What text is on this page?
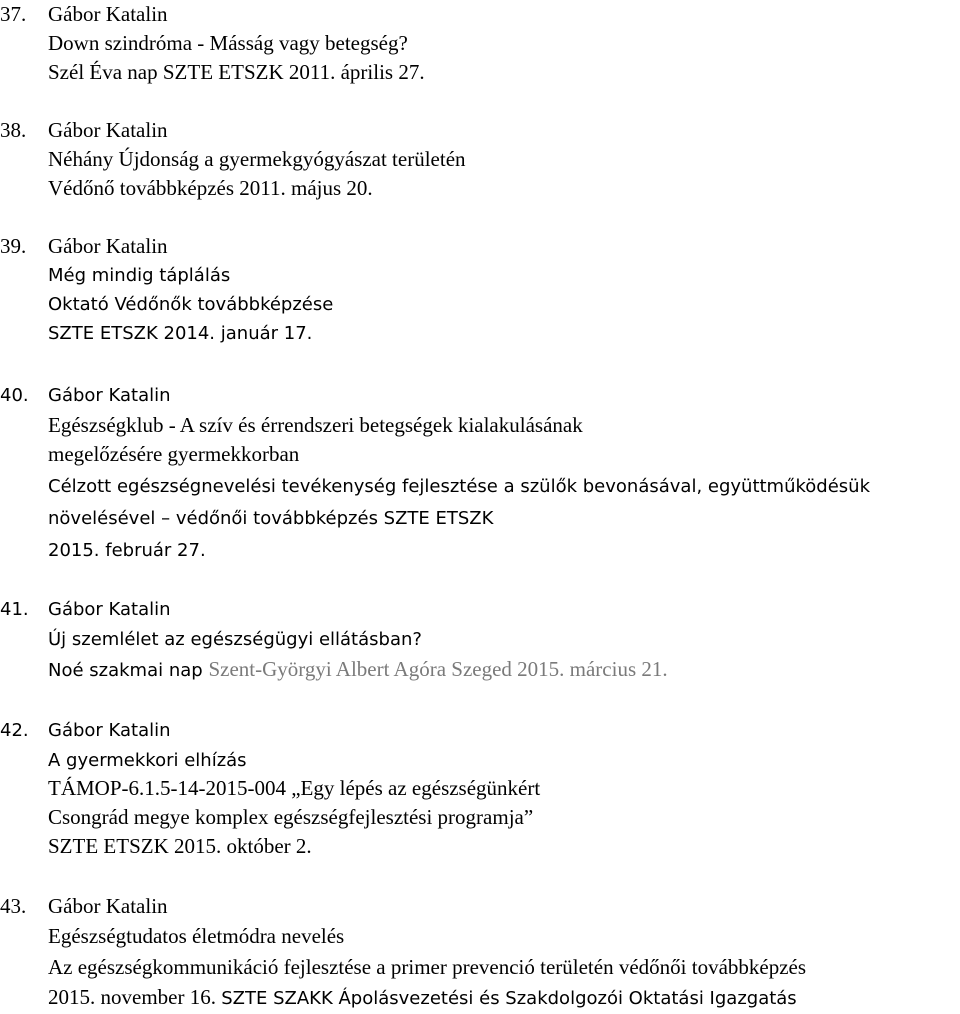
37. Gábor Katalin
Down szindróma - Másság vagy betegség?
Szél Éva nap SZTE ETSZK 2011. április 27.
38. Gábor Katalin
Néhány Újdonság a gyermekgyógyászat területén
Védőnő továbbképzés 2011. május 20.
39. Gábor Katalin
Még mindig táplálás
Oktató Védőnők továbbképzése
SZTE ETSZK 2014. január 17.
40. Gábor Katalin
Egészségklub - A szív és érrendszeri betegségek kialakulásának
megelőzésére gyermekkorban
Célzott egészségnevelési tevékenység fejlesztése a szülők bevonásával, együttműködésük
növelésével – védőnői továbbképzés SZTE ETSZK
2015. február 27.
41. Gábor Katalin
Új szemlélet az egészségügyi ellátásban?
Noé szakmai nap Szent-Györgyi Albert Agóra Szeged 2015. március 21.
42. Gábor Katalin
A gyermekkori elhízás
TÁMOP-6.1.5-14-2015-004 „Egy lépés az egészségünkért
Csongrád megye komplex egészségfejlesztési programja”
SZTE ETSZK 2015. október 2.
43. Gábor Katalin
Egészségtudatos életmódra nevelés
Az egészségkommunikáció fejlesztése a primer prevenció területén védőnői továbbképzés
2015. november 16. SZTE SZAKK Ápolásvezetési és Szakdolgozói Oktatási Igazgatás
